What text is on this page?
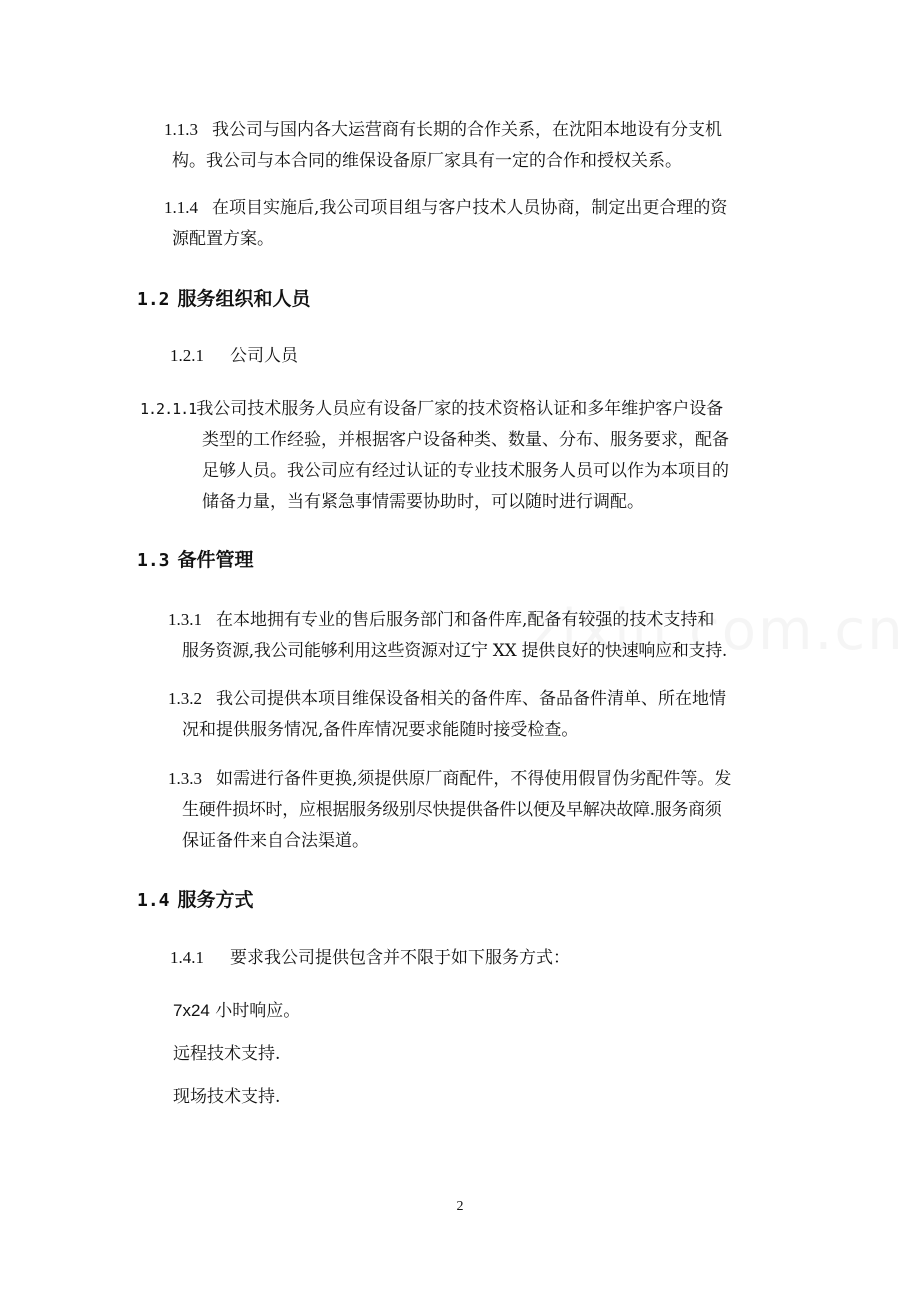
1.1.3 我公司与国内各大运营商有长期的合作关系，在沈阳本地设有分支机
构。我公司与本合同的维保设备原厂家具有一定的合作和授权关系。

1.1.4 在项目实施后,我公司项目组与客户技术人员协商，制定出更合理的资
源配置方案。

1.2 服务组织和人员

1.2.1 公司人员

1.2.1.1我公司技术服务人员应有设备厂家的技术资格认证和多年维护客户设备
类型的工作经验，并根据客户设备种类、数量、分布、服务要求，配备
足够人员。我公司应有经过认证的专业技术服务人员可以作为本项目的
储备力量，当有紧急事情需要协助时，可以随时进行调配。

1.3 备件管理

1.3.1 在本地拥有专业的售后服务部门和备件库,配备有较强的技术支持和
服务资源,我公司能够利用这些资源对辽宁 XX 提供良好的快速响应和支持.

1.3.2 我公司提供本项目维保设备相关的备件库、备品备件清单、所在地情
况和提供服务情况,备件库情况要求能随时接受检查。

1.3.3 如需进行备件更换,须提供原厂商配件，不得使用假冒伪劣配件等。发
生硬件损坏时，应根据服务级别尽快提供备件以便及早解决故障.服务商须
保证备件来自合法渠道。

1.4 服务方式

1.4.1 要求我公司提供包含并不限于如下服务方式：

7x24 小时响应。

远程技术支持.

现场技术支持.

2
